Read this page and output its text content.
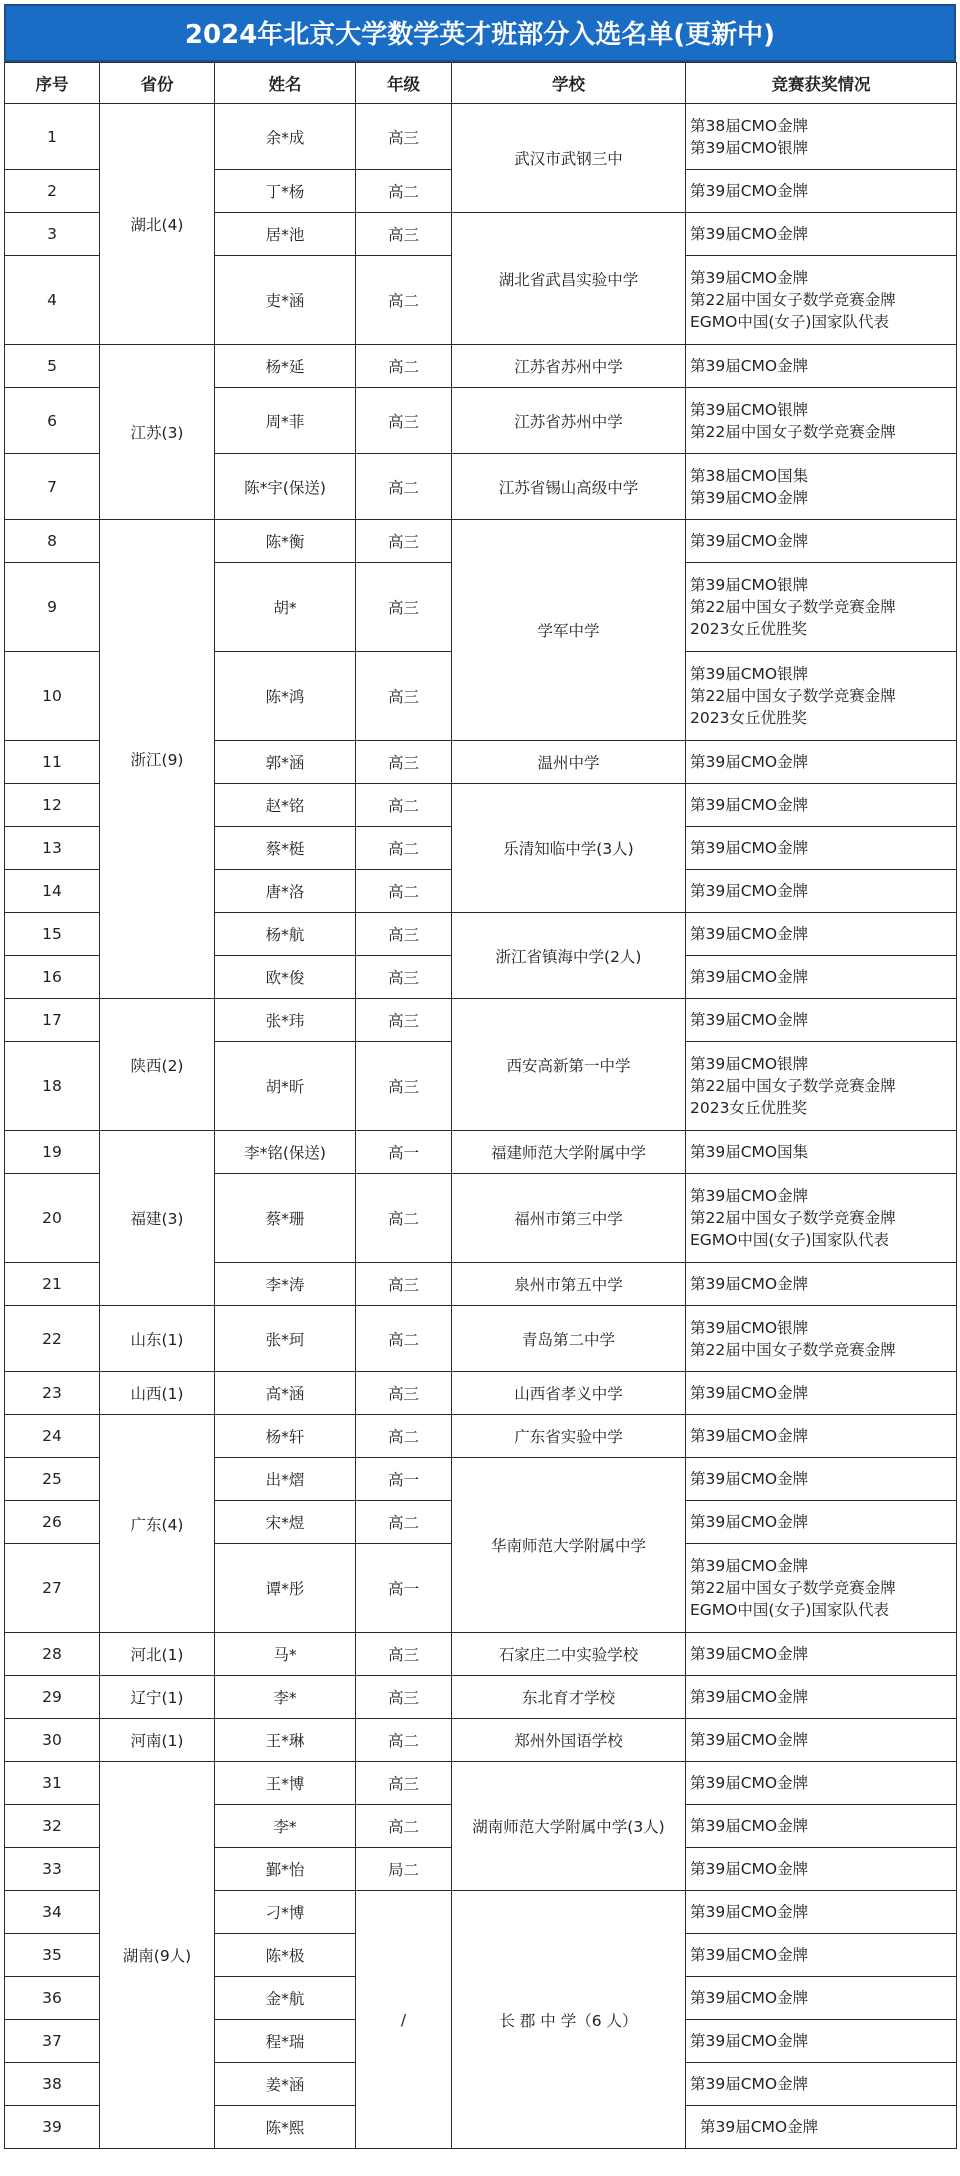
2024年北京大学数学英才班部分入选名单(更新中)
序号	省份	姓名	年级	学校	竞赛获奖情况
1	湖北(4)	余*成	高三	武汉市武钢三中	第38届CMO金牌
第39届CMO银牌

2		丁*杨	高二		第39届CMO金牌

3		居*池	高三	湖北省武昌实验中学	第39届CMO金牌

4		吏*涵	高二		第39届CMO金牌
第22届中国女子数学竞赛金牌
EGMO中国(女子)国家队代表

5	江苏(3)	杨*延	高二	江苏省苏州中学	第39届CMO金牌

6		周*菲	高三	江苏省苏州中学	第39届CMO银牌
第22届中国女子数学竞赛金牌

7		陈*宇(保送)	高二	江苏省锡山高级中学	第38届CMO国集
第39届CMO金牌

8	浙江(9)	陈*衡	高三	学军中学	第39届CMO金牌

9		胡*	高三		第39届CMO银牌
第22届中国女子数学竞赛金牌
2023女丘优胜奖

10		陈*鸿	高三		第39届CMO银牌
第22届中国女子数学竞赛金牌
2023女丘优胜奖

11		郭*涵	高三	温州中学	第39届CMO金牌

12		赵*铭	高二	乐清知临中学(3人)	第39届CMO金牌

13		蔡*梃	高二		第39届CMO金牌

14		唐*洛	高二		第39届CMO金牌

15		杨*航	高三	浙江省镇海中学(2人)	第39届CMO金牌

16		欧*俊	高三		第39届CMO金牌

17	陕西(2)	张*玮	高三	西安高新第一中学	第39届CMO金牌

18		胡*昕	高三		第39届CMO银牌
第22届中国女子数学竞赛金牌
2023女丘优胜奖

19	福建(3)	李*铭(保送)	高一	福建师范大学附属中学	第39届CMO国集

20		蔡*珊	高二	福州市第三中学	第39届CMO金牌
第22届中国女子数学竞赛金牌
EGMO中国(女子)国家队代表

21		李*涛	高三	泉州市第五中学	第39届CMO金牌

22	山东(1)	张*珂	高二	青岛第二中学	第39届CMO银牌
第22届中国女子数学竞赛金牌

23	山西(1)	高*涵	高三	山西省孝义中学	第39届CMO金牌

24	广东(4)	杨*轩	高二	广东省实验中学	第39届CMO金牌

25		出*熠	高一	华南师范大学附属中学	第39届CMO金牌

26		宋*煜	高二		第39届CMO金牌

27		谭*彤	高一		第39届CMO金牌
第22届中国女子数学竞赛金牌
EGMO中国(女子)国家队代表

28	河北(1)	马*	高三	石家庄二中实验学校	第39届CMO金牌

29	辽宁(1)	李*	高三	东北育才学校	第39届CMO金牌

30	河南(1)	王*琳	高二	郑州外国语学校	第39届CMO金牌

31	湖南(9人)	王*博	高三	湖南师范大学附属中学(3人)	第39届CMO金牌

32		李*	高二		第39届CMO金牌

33		鄞*怡	局二		第39届CMO金牌

34		刁*博	/	长 郡 中 学（6 人）	第39届CMO金牌

35		陈*极			第39届CMO金牌

36		金*航			第39届CMO金牌

37		程*瑞			第39届CMO金牌

38		姜*涵			第39届CMO金牌

39		陈*熙			第39届CMO金牌
